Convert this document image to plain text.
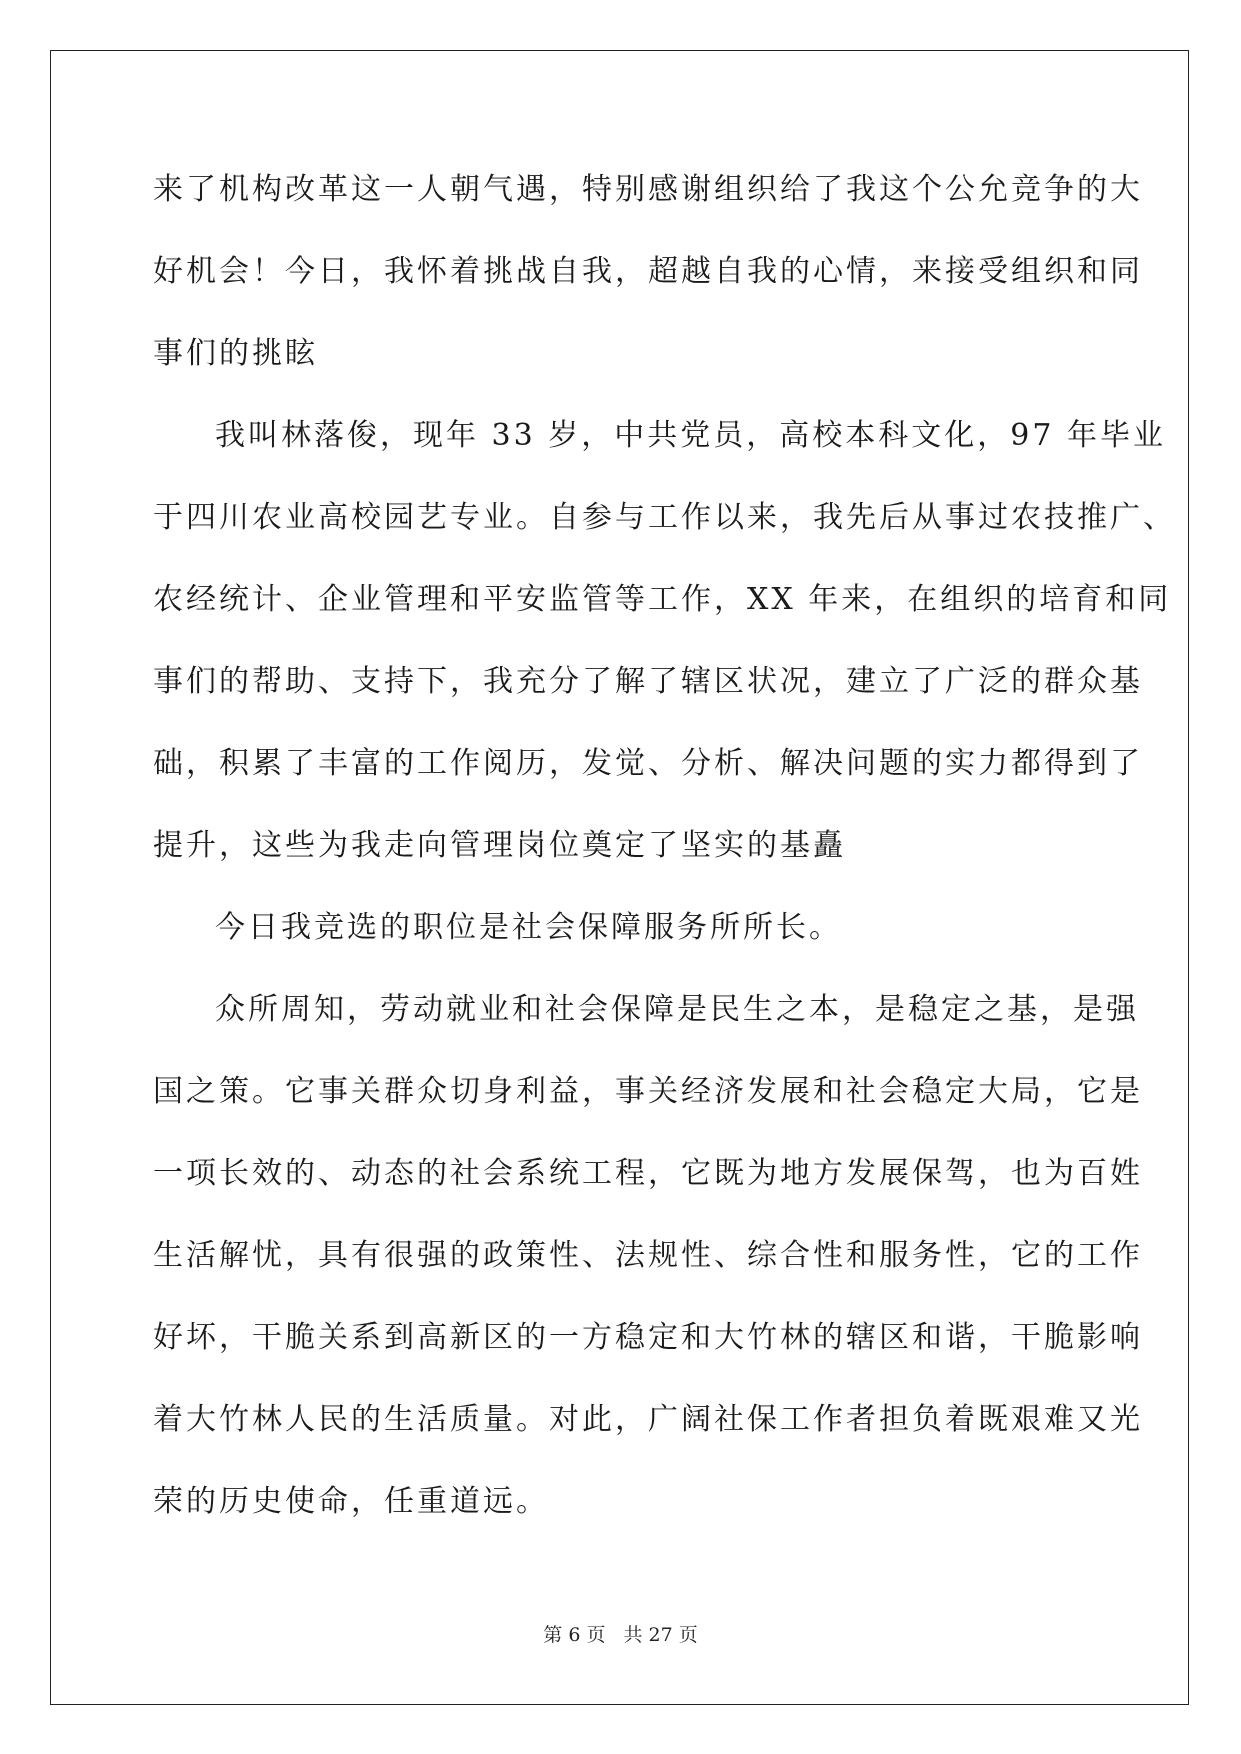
来了机构改革这一人朝气遇，特别感谢组织给了我这个公允竞争的大
好机会！今日，我怀着挑战自我，超越自我的心情，来接受组织和同
事们的挑眩
我叫林落俊，现年 33 岁，中共党员，高校本科文化，97 年毕业
于四川农业高校园艺专业。自参与工作以来，我先后从事过农技推广、
农经统计、企业管理和平安监管等工作，XX 年来，在组织的培育和同
事们的帮助、支持下，我充分了解了辖区状况，建立了广泛的群众基
础，积累了丰富的工作阅历，发觉、分析、解决问题的实力都得到了
提升，这些为我走向管理岗位奠定了坚实的基矗
今日我竞选的职位是社会保障服务所所长。
众所周知，劳动就业和社会保障是民生之本，是稳定之基，是强
国之策。它事关群众切身利益，事关经济发展和社会稳定大局，它是
一项长效的、动态的社会系统工程，它既为地方发展保驾，也为百姓
生活解忧，具有很强的政策性、法规性、综合性和服务性，它的工作
好坏，干脆关系到高新区的一方稳定和大竹林的辖区和谐，干脆影响
着大竹林人民的生活质量。对此，广阔社保工作者担负着既艰难又光
荣的历史使命，任重道远。
第 6 页 共 27 页
